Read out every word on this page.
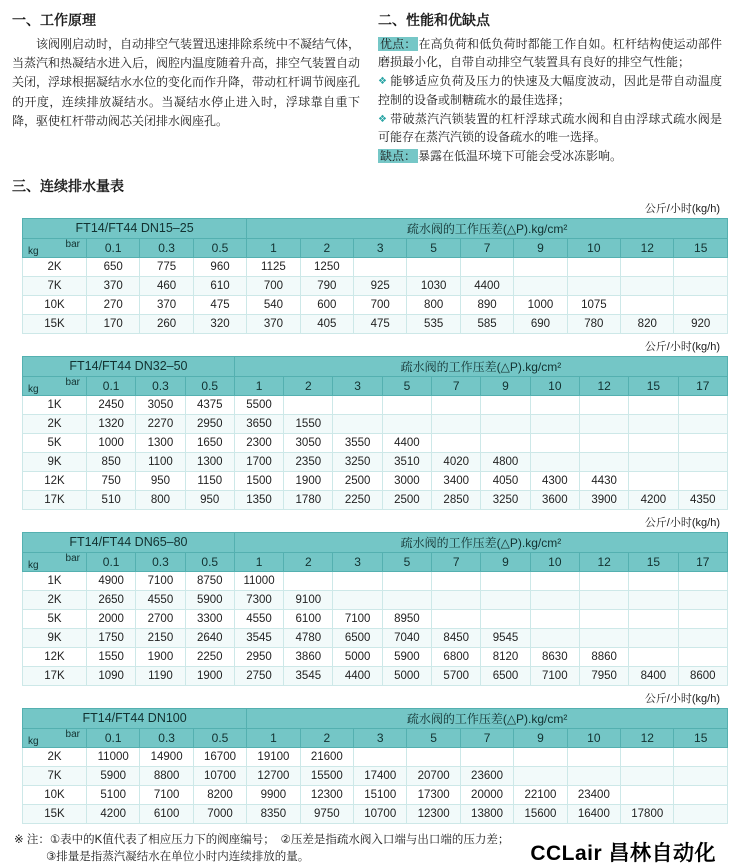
一、工作原理

该阀刚启动时，自动排空气装置迅速排除系统中不凝结气体，当蒸汽和热凝结水进入后，阀腔内温度随着升高，排空气装置自动关闭，浮球根据凝结水水位的变化而作升降，带动杠杆调节阀座孔的开度，连续排放凝结水。当凝结水停止进入时，浮球靠自重下降，驱使杠杆带动阀芯关闭排水阀座孔。

二、性能和优缺点

优点： 在高负荷和低负荷时都能工作自如。杠杆结构使运动部件磨损最小化，自带自动排空气装置具有良好的排空气性能；

❖ 能够适应负荷及压力的快速及大幅度波动，因此是带自动温度控制的设备或制糖疏水的最佳选择；

❖ 带破蒸汽汽锁装置的杠杆浮球式疏水阀和自由浮球式疏水阀是可能存在蒸汽汽锁的设备疏水的唯一选择。

缺点： 暴露在低温环境下可能会受冰冻影响。

三、连续排水量表
公斤/小时(kg/h)
FT14/FT44 DN15–25				疏水阀的工作压差(△P).kg/cm²								

bar
kg	0.1	0.3	0.5	1	2	3	5	7	9	10	12	15
2K	650	775	960	1125	1250							
7K	370	460	610	700	790	925	1030	4400				
10K	270	370	475	540	600	700	800	890	1000	1075		
15K	170	260	320	370	405	475	535	585	690	780	820	920
公斤/小时(kg/h)
FT14/FT44 DN32–50				疏水阀的工作压差(△P).kg/cm²									

bar
kg	0.1	0.3	0.5	1	2	3	5	7	9	10	12	15	17
1K	2450	3050	4375	5500									
2K	1320	2270	2950	3650	1550								
5K	1000	1300	1650	2300	3050	3550	4400						
9K	850	1100	1300	1700	2350	3250	3510	4020	4800				
12K	750	950	1150	1500	1900	2500	3000	3400	4050	4300	4430		
17K	510	800	950	1350	1780	2250	2500	2850	3250	3600	3900	4200	4350
公斤/小时(kg/h)
FT14/FT44 DN65–80				疏水阀的工作压差(△P).kg/cm²									

bar
kg	0.1	0.3	0.5	1	2	3	5	7	9	10	12	15	17
1K	4900	7100	8750	11000									
2K	2650	4550	5900	7300	9100								
5K	2000	2700	3300	4550	6100	7100	8950						
9K	1750	2150	2640	3545	4780	6500	7040	8450	9545				
12K	1550	1900	2250	2950	3860	5000	5900	6800	8120	8630	8860		
17K	1090	1190	1900	2750	3545	4400	5000	5700	6500	7100	7950	8400	8600
公斤/小时(kg/h)
FT14/FT44 DN100				疏水阀的工作压差(△P).kg/cm²								

bar
kg	0.1	0.3	0.5	1	2	3	5	7	9	10	12	15
2K	11000	14900	16700	19100	21600							
7K	5900	8800	10700	12700	15500	17400	20700	23600				
10K	5100	7100	8200	9900	12300	15100	17300	20000	22100	23400		
15K	4200	6100	7000	8350	9750	10700	12300	13800	15600	16400	17800	
※ 注：①表中的K值代表了相应压力下的阀座编号；　②压差是指疏水阀入口端与出口端的压力差；
③排量是指蒸汽凝结水在单位小时内连续排放的量。	CCLair 昌林自动化
